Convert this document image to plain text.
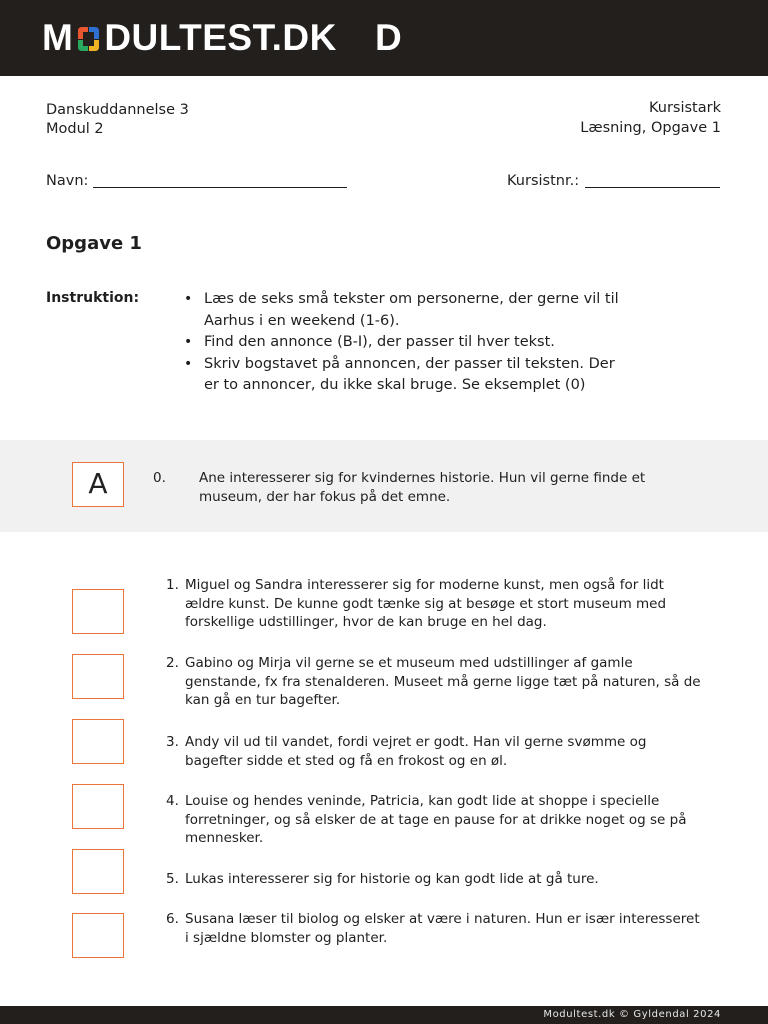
M DULTEST.DK D
Danskuddannelse 3
Modul 2
Kursistark
Læsning, Opgave 1
Navn:	Kursistnr.:
Opgave 1
Instruktion:
•	Læs de seks små tekster om personerne, der gerne vil til Aarhus i en weekend (1-6).
• Find den annonce (B-I), der passer til hver tekst.
• Skriv bogstavet på annoncen, der passer til teksten. Der er to annoncer, du ikke skal bruge. Se eksemplet (0)
A	0. Ane interesserer sig for kvindernes historie. Hun vil gerne finde et museum, der har fokus på det emne.
1. Miguel og Sandra interesserer sig for moderne kunst, men også for lidt ældre kunst. De kunne godt tænke sig at besøge et stort museum med forskellige udstillinger, hvor de kan bruge en hel dag.
2. Gabino og Mirja vil gerne se et museum med udstillinger af gamle genstande, fx fra stenalderen. Museet må gerne ligge tæt på naturen, så de kan gå en tur bagefter.
3. Andy vil ud til vandet, fordi vejret er godt. Han vil gerne svømme og bagefter sidde et sted og få en frokost og en øl.
4. Louise og hendes veninde, Patricia, kan godt lide at shoppe i specielle forretninger, og så elsker de at tage en pause for at drikke noget og se på mennesker.
5. Lukas interesserer sig for historie og kan godt lide at gå ture.
6. Susana læser til biolog og elsker at være i naturen. Hun er især interesseret i sjældne blomster og planter.
Modultest.dk © Gyldendal 2024
